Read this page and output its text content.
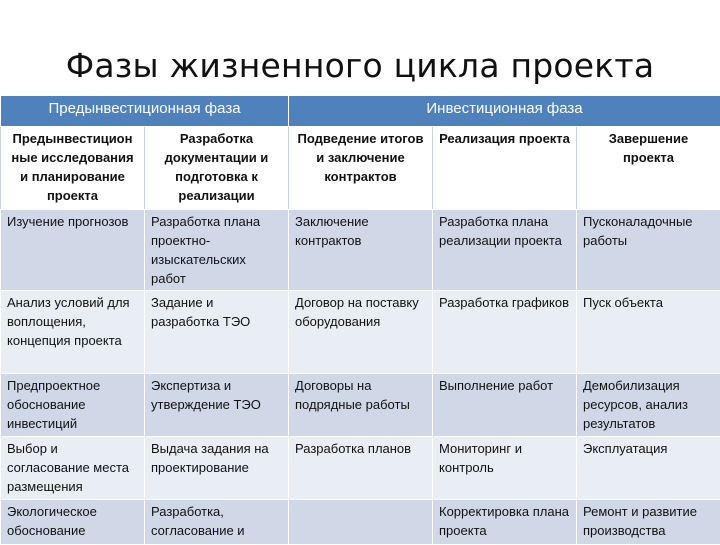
Фазы жизненного цикла проекта
Предынвестиционная фаза		Инвестиционная фаза		
Предынвестицион ные исследования и планирование проекта	Разработка документации и подготовка к реализации	Подведение итогов и заключение контрактов	Реализация проекта	Завершение проекта
Изучение прогнозов	Разработка плана проектно-изыскательских работ	Заключение контрактов	Разработка плана реализации проекта	Пусконаладочные работы
Анализ условий для воплощения, концепция проекта	Задание и разработка ТЭО	Договор на поставку оборудования	Разработка графиков	Пуск объекта
Предпроектное обоснование инвестиций	Экспертиза и утверждение ТЭО	Договоры на подрядные работы	Выполнение работ	Демобилизация ресурсов, анализ результатов
Выбор и согласование места размещения	Выдача задания на проектирование	Разработка планов	Мониторинг и контроль	Эксплуатация
Экологическое обоснование	Разработка, согласование и		Корректировка плана проекта	Ремонт и развитие производства
